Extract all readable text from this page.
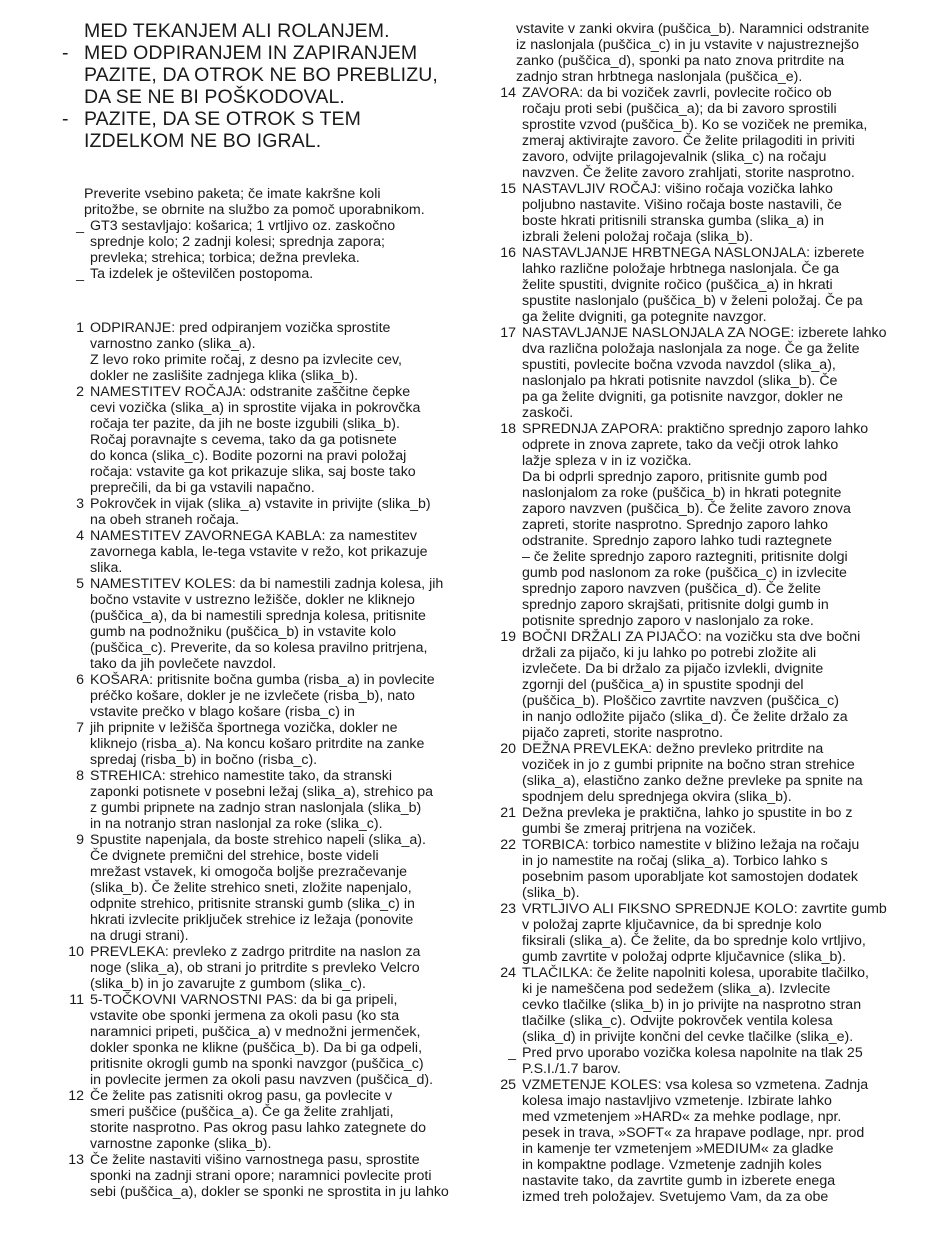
MED TEKANJEM ALI ROLANJEM.
- MED ODPIRANJEM IN ZAPIRANJEM
PAZITE, DA OTROK NE BO PREBLIZU,
DA SE NE BI POŠKODOVAL.
- PAZITE, DA SE OTROK S TEM
IZDELKOM NE BO IGRAL.
Preverite vsebino paketa; če imate kakršne koli
pritožbe, se obrnite na službo za pomoč uporabnikom.
_ GT3 sestavljajo: košarica; 1 vrtljivo oz. zaskočno
sprednje kolo; 2 zadnji kolesi; sprednja zapora;
prevleka; strehica; torbica; dežna prevleka.
_ Ta izdelek je oštevilčen postopoma.
1 ODPIRANJE: pred odpiranjem vozička sprostite
varnostno zanko (slika_a).
Z levo roko primite ročaj, z desno pa izvlecite cev,
dokler ne zaslišite zadnjega klika (slika_b).
2 NAMESTITEV ROČAJA: odstranite zaščitne čepke
cevi vozička (slika_a) in sprostite vijaka in pokrovčka
ročaja ter pazite, da jih ne boste izgubili (slika_b).
Ročaj poravnajte s cevema, tako da ga potisnete
do konca (slika_c). Bodite pozorni na pravi položaj
ročaja: vstavite ga kot prikazuje slika, saj boste tako
preprečili, da bi ga vstavili napačno.
3 Pokrovček in vijak (slika_a) vstavite in privijte (slika_b)
na obeh straneh ročaja.
4 NAMESTITEV ZAVORNEGA KABLA: za namestitev
zavornega kabla, le-tega vstavite v režo, kot prikazuje
slika.
5 NAMESTITEV KOLES: da bi namestili zadnja kolesa, jih
bočno vstavite v ustrezno ležišče, dokler ne kliknejo
(puščica_a), da bi namestili sprednja kolesa, pritisnite
gumb na podnožniku (puščica_b) in vstavite kolo
(puščica_c). Preverite, da so kolesa pravilno pritrjena,
tako da jih povlečete navzdol.
6 KOŠARA: pritisnite bočna gumba (risba_a) in povlecite
préčko košare, dokler je ne izvlečete (risba_b), nato
vstavite prečko v blago košare (risba_c) in
7 jih pripnite v ležišča športnega vozička, dokler ne
kliknejo (risba_a). Na koncu košaro pritrdite na zanke
spredaj (risba_b) in bočno (risba_c).
8 STREHICA: strehico namestite tako, da stranski
zaponki potisnete v posebni ležaj (slika_a), strehico pa
z gumbi pripnete na zadnjo stran naslonjala (slika_b)
in na notranjo stran naslonjal za roke (slika_c).
9 Spustite napenjala, da boste strehico napeli (slika_a).
Če dvignete premični del strehice, boste videli
mrežast vstavek, ki omogoča boljše prezračevanje
(slika_b). Če želite strehico sneti, zložite napenjalo,
odpnite strehico, pritisnite stranski gumb (slika_c) in
hkrati izvlecite priključek strehice iz ležaja (ponovite
na drugi strani).
10 PREVLEKA: prevleko z zadrgo pritrdite na naslon za
noge (slika_a), ob strani jo pritrdite s prevleko Velcro
(slika_b) in jo zavarujte z gumbom (slika_c).
11 5-TOČKOVNI VARNOSTNI PAS: da bi ga pripeli,
vstavite obe sponki jermena za okoli pasu (ko sta
naramnici pripeti, puščica_a) v mednožni jermenček,
dokler sponka ne klikne (puščica_b). Da bi ga odpeli,
pritisnite okrogli gumb na sponki navzgor (puščica_c)
in povlecite jermen za okoli pasu navzven (puščica_d).
12 Če želite pas zatisniti okrog pasu, ga povlecite v
smeri puščice (puščica_a). Če ga želite zrahljati,
storite nasprotno. Pas okrog pasu lahko zategnete do
varnostne zaponke (slika_b).
13 Če želite nastaviti višino varnostnega pasu, sprostite
sponki na zadnji strani opore; naramnici povlecite proti
sebi (puščica_a), dokler se sponki ne sprostita in ju lahko
vstavite v zanki okvira (puščica_b). Naramnici odstranite
iz naslonjala (puščica_c) in ju vstavite v najustreznejšo
zanko (puščica_d), sponki pa nato znova pritrdite na
zadnjo stran hrbtnega naslonjala (puščica_e).
14 ZAVORA: da bi voziček zavrli, povlecite ročico ob
ročaju proti sebi (puščica_a); da bi zavoro sprostili
sprostite vzvod (puščica_b). Ko se voziček ne premika,
zmeraj aktivirajte zavoro. Če želite prilagoditi in priviti
zavoro, odvijte prilagojevalnik (slika_c) na ročaju
navzven. Če želite zavoro zrahljati, storite nasprotno.
15 NASTAVLJIV ROČAJ: višino ročaja vozička lahko
poljubno nastavite. Višino ročaja boste nastavili, če
boste hkrati pritisnili stranska gumba (slika_a) in
izbrali želeni položaj ročaja (slika_b).
16 NASTAVLJANJE HRBTNEGA NASLONJALA: izberete
lahko različne položaje hrbtnega naslonjala. Če ga
želite spustiti, dvignite ročico (puščica_a) in hkrati
spustite naslonjalo (puščica_b) v želeni položaj. Če pa
ga želite dvigniti, ga potegnite navzgor.
17 NASTAVLJANJE NASLONJALA ZA NOGE: izberete lahko
dva različna položaja naslonjala za noge. Če ga želite
spustiti, povlecite bočna vzvoda navzdol (slika_a),
naslonjalo pa hkrati potisnite navzdol (slika_b). Če
pa ga želite dvigniti, ga potisnite navzgor, dokler ne
zaskoči.
18 SPREDNJA ZAPORA: praktično sprednjo zaporo lahko
odprete in znova zaprete, tako da večji otrok lahko
lažje spleza v in iz vozička.
Da bi odprli sprednjo zaporo, pritisnite gumb pod
naslonjalom za roke (puščica_b) in hkrati potegnite
zaporo navzven (puščica_b). Če želite zavoro znova
zapreti, storite nasprotno. Sprednjo zaporo lahko
odstranite. Sprednjo zaporo lahko tudi raztegnete
– če želite sprednjo zaporo raztegniti, pritisnite dolgi
gumb pod naslonom za roke (puščica_c) in izvlecite
sprednjo zaporo navzven (puščica_d). Če želite
sprednjo zaporo skrajšati, pritisnite dolgi gumb in
potisnite sprednjo zaporo v naslonjalo za roke.
19 BOČNI DRŽALI ZA PIJAČO: na vozičku sta dve bočni
držali za pijačo, ki ju lahko po potrebi zložite ali
izvlečete. Da bi držalo za pijačo izvlekli, dvignite
zgornji del (puščica_a) in spustite spodnji del
(puščica_b). Ploščico zavrtite navzven (puščica_c)
in nanjo odložite pijačo (slika_d). Če želite držalo za
pijačo zapreti, storite nasprotno.
20 DEŽNA PREVLEKA: dežno prevleko pritrdite na
voziček in jo z gumbi pripnite na bočno stran strehice
(slika_a), elastično zanko dežne prevleke pa spnite na
spodnjem delu sprednjega okvira (slika_b).
21 Dežna prevleka je praktična, lahko jo spustite in bo z
gumbi še zmeraj pritrjena na voziček.
22 TORBICA: torbico namestite v bližino ležaja na ročaju
in jo namestite na ročaj (slika_a). Torbico lahko s
posebnim pasom uporabljate kot samostojen dodatek
(slika_b).
23 VRTLJIVO ALI FIKSNO SPREDNJE KOLO: zavrtite gumb
v položaj zaprte ključavnice, da bi sprednje kolo
fiksirali (slika_a). Če želite, da bo sprednje kolo vrtljivo,
gumb zavrtite v položaj odprte ključavnice (slika_b).
24 TLAČILKA: če želite napolniti kolesa, uporabite tlačilko,
ki je nameščena pod sedežem (slika_a). Izvlecite
cevko tlačilke (slika_b) in jo privijte na nasprotno stran
tlačilke (slika_c). Odvijte pokrovček ventila kolesa
(slika_d) in privijte končni del cevke tlačilke (slika_e).
_ Pred prvo uporabo vozička kolesa napolnite na tlak 25
P.S.I./1.7 barov.
25 VZMETENJE KOLES: vsa kolesa so vzmetena. Zadnja
kolesa imajo nastavljivo vzmetenje. Izbirate lahko
med vzmetenjem »HARD« za mehke podlage, npr.
pesek in trava, »SOFT« za hrapave podlage, npr. prod
in kamenje ter vzmetenjem »MEDIUM« za gladke
in kompaktne podlage. Vzmetenje zadnjih koles
nastavite tako, da zavrtite gumb in izberete enega
izmed treh položajev. Svetujemo Vam, da za obe
